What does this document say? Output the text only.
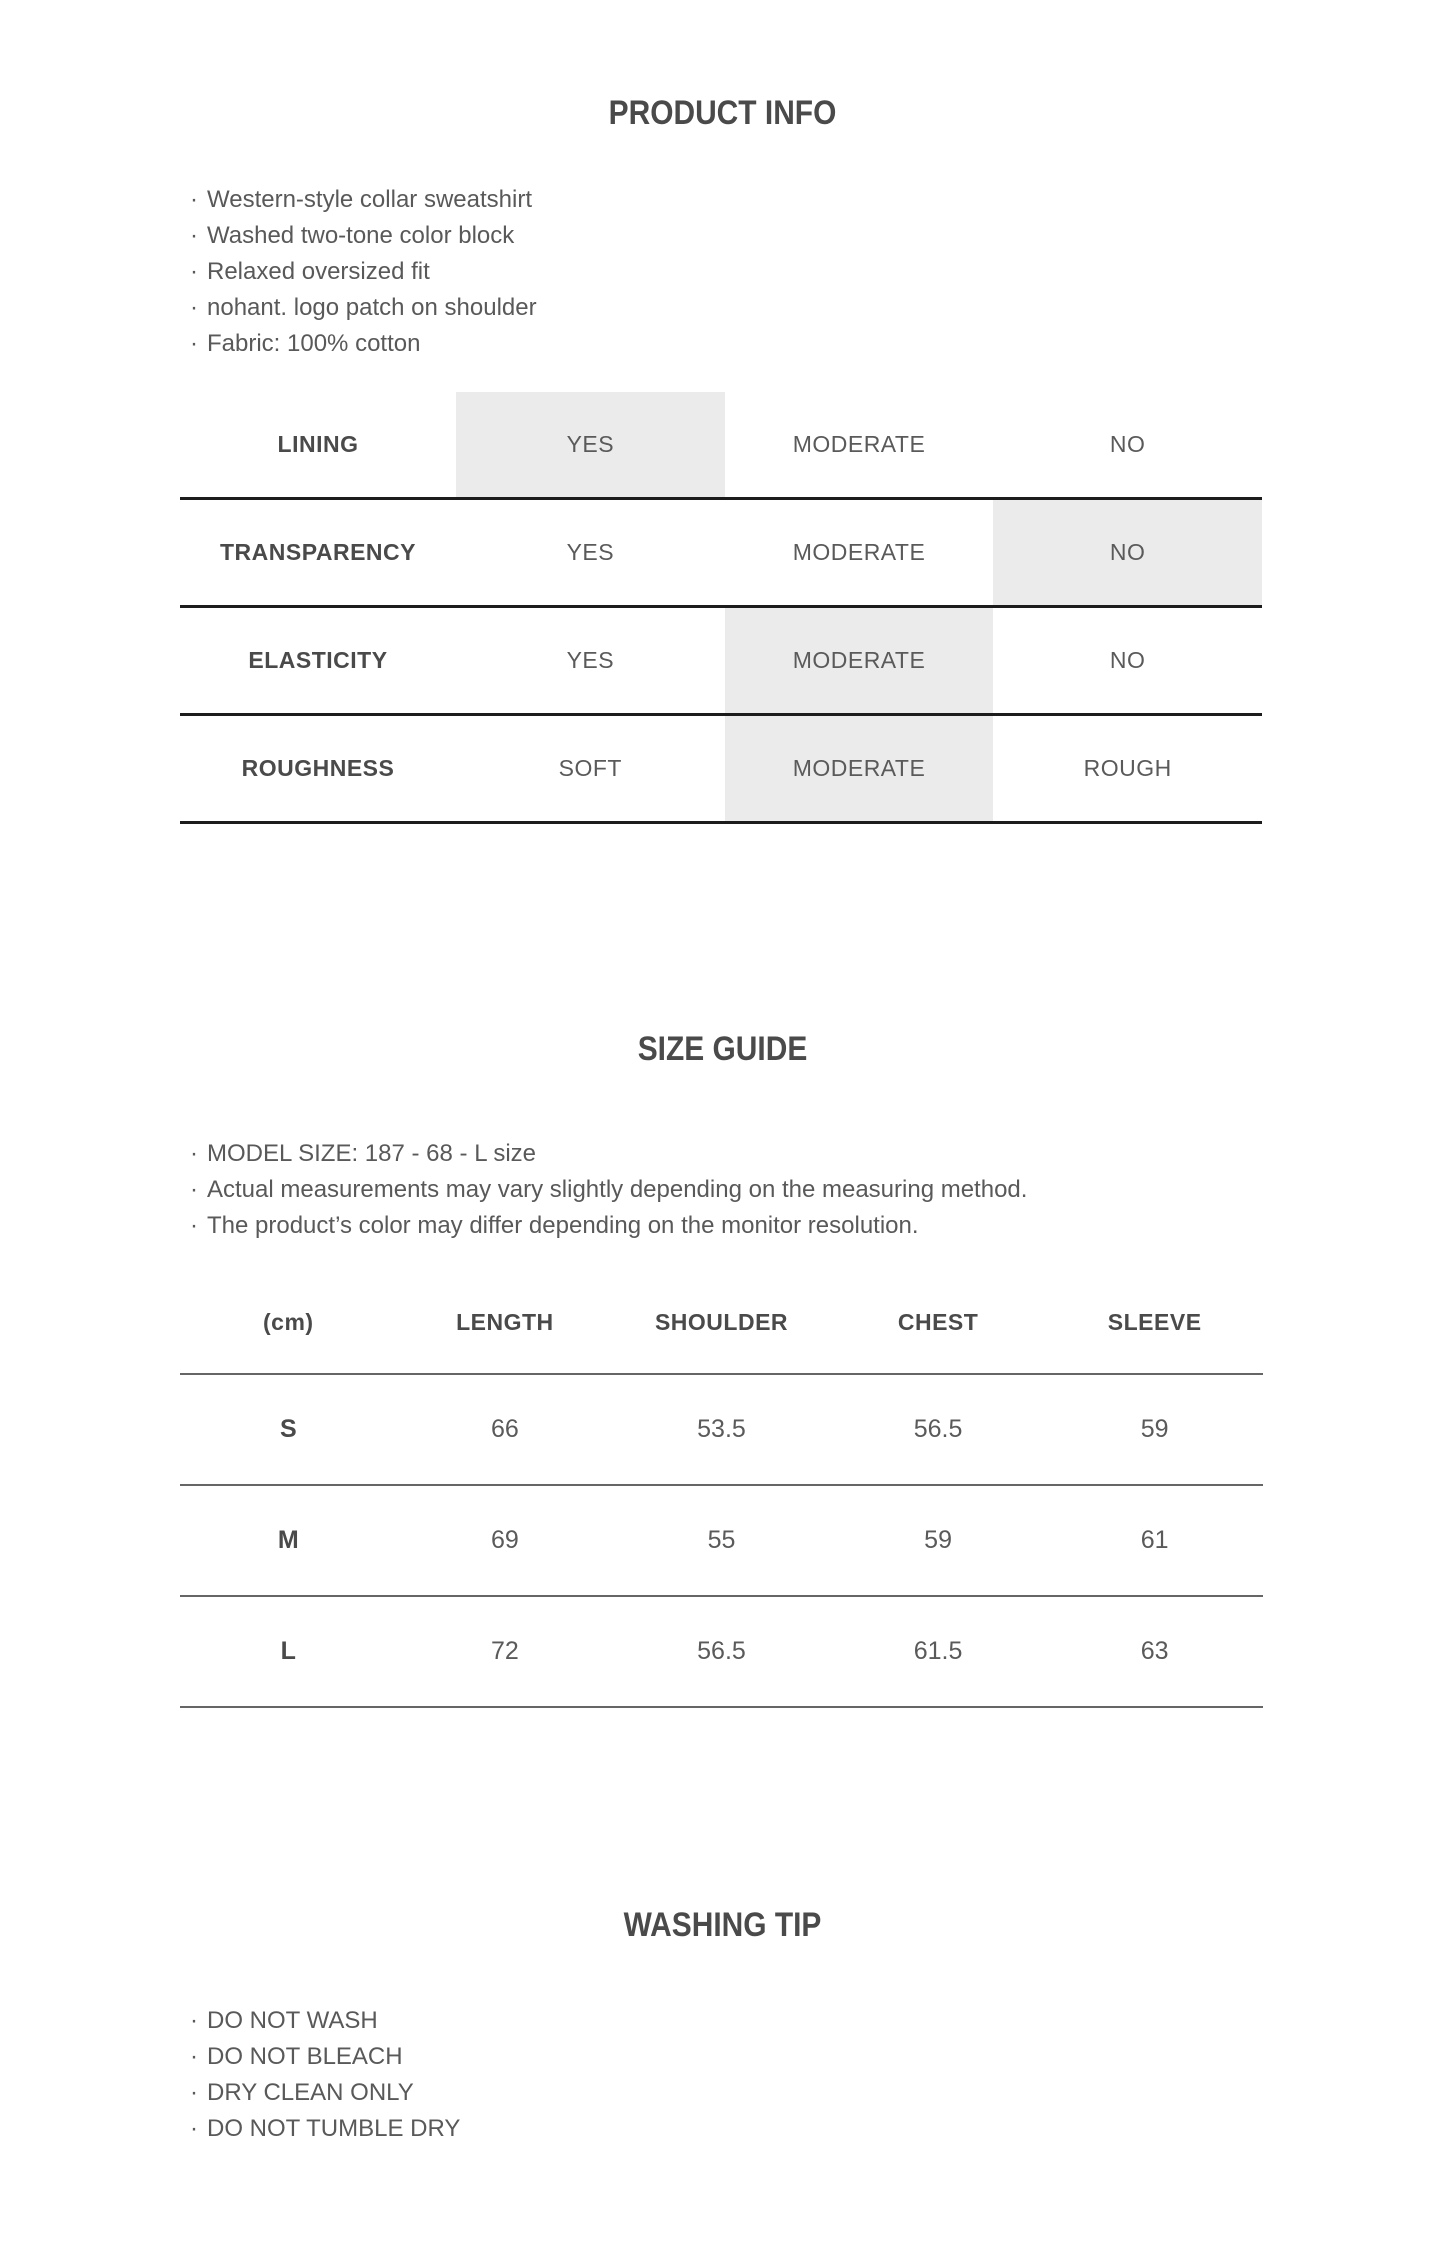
PRODUCT INFO
· Western-style collar sweatshirt
· Washed two-tone color block
· Relaxed oversized fit
· nohant. logo patch on shoulder
· Fabric: 100% cotton
LINING	YES	MODERATE	NO
TRANSPARENCY	YES	MODERATE	NO
ELASTICITY	YES	MODERATE	NO
ROUGHNESS	SOFT	MODERATE	ROUGH
SIZE GUIDE
· MODEL SIZE: 187 - 68 - L size
· Actual measurements may vary slightly depending on the measuring method.
· The product’s color may differ depending on the monitor resolution.
(cm)	LENGTH	SHOULDER	CHEST	SLEEVE
S	66	53.5	56.5	59
M	69	55	59	61
L	72	56.5	61.5	63
WASHING TIP
· DO NOT WASH
· DO NOT BLEACH
· DRY CLEAN ONLY
· DO NOT TUMBLE DRY
